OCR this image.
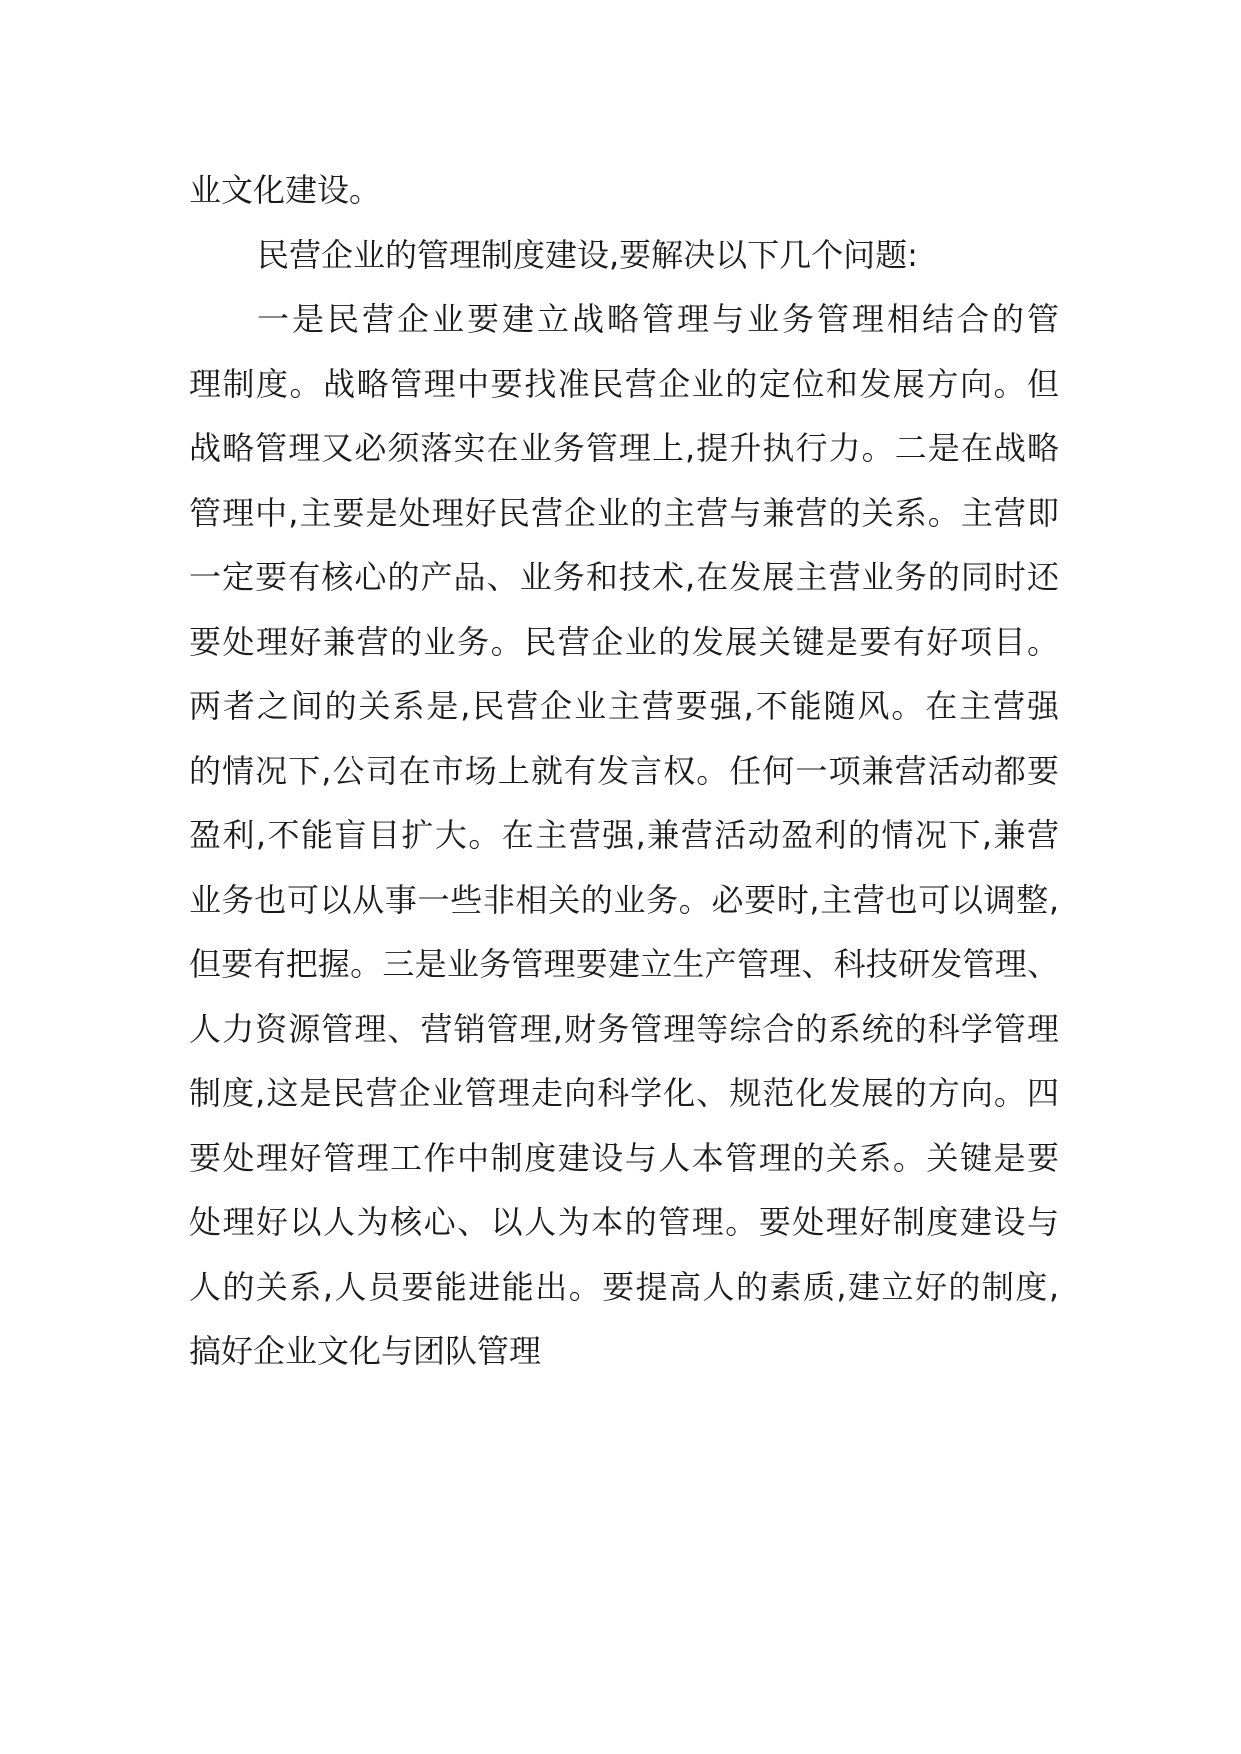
业文化建设。
民营企业的管理制度建设,要解决以下几个问题:
一是民营企业要建立战略管理与业务管理相结合的管
理制度。战略管理中要找准民营企业的定位和发展方向。但
战略管理又必须落实在业务管理上,提升执行力。二是在战略
管理中,主要是处理好民营企业的主营与兼营的关系。主营即
一定要有核心的产品、业务和技术,在发展主营业务的同时还
要处理好兼营的业务。民营企业的发展关键是要有好项目。
两者之间的关系是,民营企业主营要强,不能随风。在主营强
的情况下,公司在市场上就有发言权。任何一项兼营活动都要
盈利,不能盲目扩大。在主营强,兼营活动盈利的情况下,兼营
业务也可以从事一些非相关的业务。必要时,主营也可以调整,
但要有把握。三是业务管理要建立生产管理、科技研发管理、
人力资源管理、营销管理,财务管理等综合的系统的科学管理
制度,这是民营企业管理走向科学化、规范化发展的方向。四
要处理好管理工作中制度建设与人本管理的关系。关键是要
处理好以人为核心、以人为本的管理。要处理好制度建设与
人的关系,人员要能进能出。要提高人的素质,建立好的制度,
搞好企业文化与团队管理
